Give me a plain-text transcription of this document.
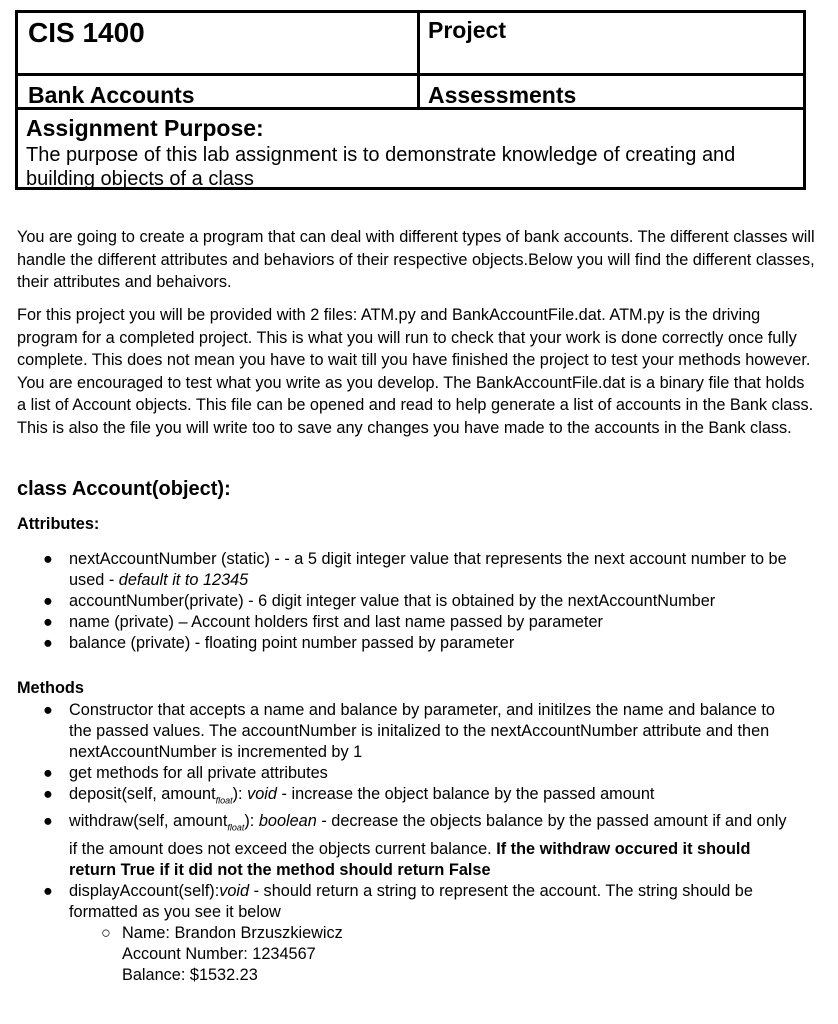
CIS 1400	Project
Bank Accounts	Assessments
Assignment Purpose:
The purpose of this lab assignment is to demonstrate knowledge of creating and building objects of a class

You are going to create a program that can deal with different types of bank accounts. The different classes will handle the different attributes and behaviors of their respective objects.Below you will find the different classes, their attributes and behaivors.

For this project you will be provided with 2 files: ATM.py and BankAccountFile.dat. ATM.py is the driving program for a completed project. This is what you will run to check that your work is done correctly once fully complete. This does not mean you have to wait till you have finished the project to test your methods however. You are encouraged to test what you write as you develop. The BankAccountFile.dat is a binary file that holds a list of Account objects. This file can be opened and read to help generate a list of accounts in the Bank class. This is also the file you will write too to save any changes you have made to the accounts in the Bank class.

class Account(object):
Attributes:
● nextAccountNumber (static) - - a 5 digit integer value that represents the next account number to be used - default it to 12345
● accountNumber(private) - 6 digit integer value that is obtained by the nextAccountNumber
● name (private) – Account holders first and last name passed by parameter
● balance (private) - floating point number passed by parameter
Methods
● Constructor that accepts a name and balance by parameter, and initilzes the name and balance to the passed values. The accountNumber is initalized to the nextAccountNumber attribute and then nextAccountNumber is incremented by 1
● get methods for all private attributes
● deposit(self, amount$_{float}$): void - increase the object balance by the passed amount
● withdraw(self, amount$_{float}$): boolean - decrease the objects balance by the passed amount if and only if the amount does not exceed the objects current balance. If the withdraw occured it should return True if it did not the method should return False
● displayAccount(self):void - should return a string to represent the account. The string should be formatted as you see it below
○ Name: Brandon Brzuszkiewicz
Account Number: 1234567
Balance: $1532.23
